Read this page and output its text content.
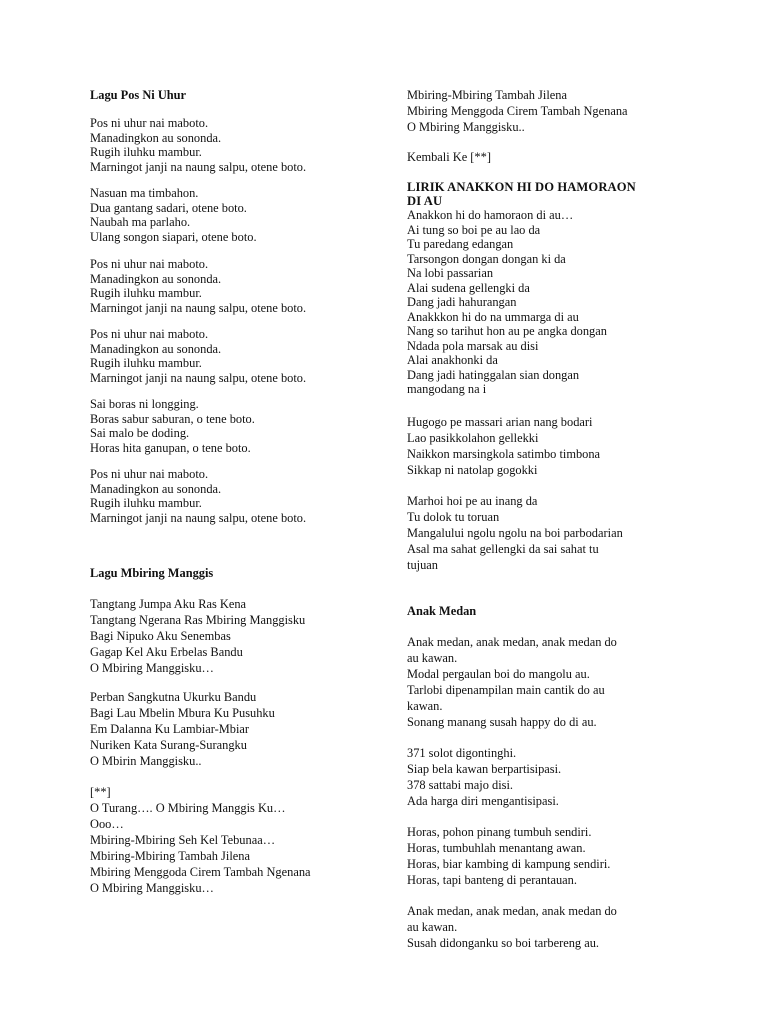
Lagu Pos Ni Uhur
Pos ni uhur nai maboto.
Manadingkon au sononda.
Rugih iluhku mambur.
Marningot janji na naung salpu, otene boto.
Nasuan ma timbahon.
Dua gantang sadari, otene boto.
Naubah ma parlaho.
Ulang songon siapari, otene boto.
Pos ni uhur nai maboto.
Manadingkon au sononda.
Rugih iluhku mambur.
Marningot janji na naung salpu, otene boto.
Pos ni uhur nai maboto.
Manadingkon au sononda.
Rugih iluhku mambur.
Marningot janji na naung salpu, otene boto.
Sai boras ni longging.
Boras sabur saburan, o tene boto.
Sai malo be doding.
Horas hita ganupan, o tene boto.
Pos ni uhur nai maboto.
Manadingkon au sononda.
Rugih iluhku mambur.
Marningot janji na naung salpu, otene boto.
Lagu Mbiring Manggis
Tangtang Jumpa Aku Ras Kena
Tangtang Ngerana Ras Mbiring Manggisku
Bagi Nipuko Aku Senembas
Gagap Kel Aku Erbelas Bandu
O Mbiring Manggisku…
Perban Sangkutna Ukurku Bandu
Bagi Lau Mbelin Mbura Ku Pusuhku
Em Dalanna Ku Lambiar-Mbiar
Nuriken Kata Surang-Surangku
O Mbirin Manggisku..
[**]
O Turang…. O Mbiring Manggis Ku…
Ooo…
Mbiring-Mbiring Seh Kel Tebunaa…
Mbiring-Mbiring Tambah Jilena
Mbiring Menggoda Cirem Tambah Ngenana
O Mbiring Manggisku…
Mbiring-Mbiring Tambah Jilena
Mbiring Menggoda Cirem Tambah Ngenana
O Mbiring Manggisku..
Kembali Ke [**]
LIRIK ANAKKON HI DO HAMORAON
DI AU
Anakkon hi do hamoraon di au…
Ai tung so boi pe au lao da
Tu paredang edangan
Tarsongon dongan dongan ki da
Na lobi passarian
Alai sudena gellengki da
Dang jadi hahurangan
Anakkkon hi do na ummarga di au
Nang so tarihut hon au pe angka dongan
Ndada pola marsak au disi
Alai anakhonki da
Dang jadi hatinggalan sian dongan
mangodang na i
Hugogo pe massari arian nang bodari
Lao pasikkolahon gellekki
Naikkon marsingkola satimbo timbona
Sikkap ni natolap gogokki
Marhoi hoi pe au inang da
Tu dolok tu toruan
Mangalului ngolu ngolu na boi parbodarian
Asal ma sahat gellengki da sai sahat tu
tujuan
Anak Medan
Anak medan, anak medan, anak medan do
au kawan.
Modal pergaulan boi do mangolu au.
Tarlobi dipenampilan main cantik do au
kawan.
Sonang manang susah happy do di au.
371 solot digontinghi.
Siap bela kawan berpartisipasi.
378 sattabi majo disi.
Ada harga diri mengantisipasi.
Horas, pohon pinang tumbuh sendiri.
Horas, tumbuhlah menantang awan.
Horas, biar kambing di kampung sendiri.
Horas, tapi banteng di perantauan.
Anak medan, anak medan, anak medan do
au kawan.
Susah didonganku so boi tarbereng au.
